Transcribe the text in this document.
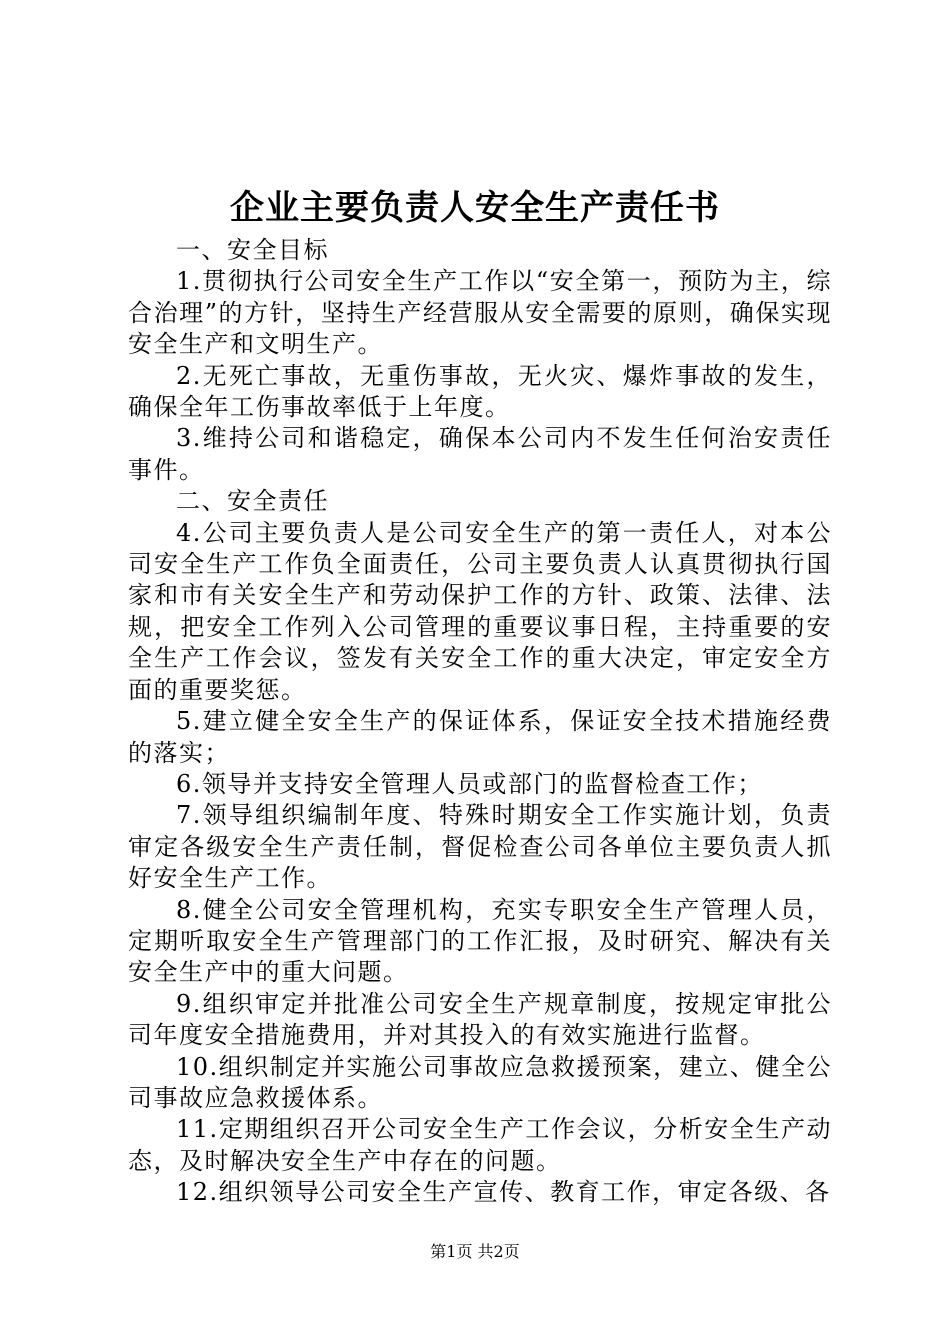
企业主要负责人安全生产责任书

一、安全目标

1.贯彻执行公司安全生产工作以“安全第一，预防为主，综合治理”的方针，坚持生产经营服从安全需要的原则，确保实现安全生产和文明生产。

2.无死亡事故，无重伤事故，无火灾、爆炸事故的发生，确保全年工伤事故率低于上年度。

3.维持公司和谐稳定，确保本公司内不发生任何治安责任事件。

二、安全责任

4.公司主要负责人是公司安全生产的第一责任人，对本公司安全生产工作负全面责任，公司主要负责人认真贯彻执行国家和市有关安全生产和劳动保护工作的方针、政策、法律、法规，把安全工作列入公司管理的重要议事日程，主持重要的安全生产工作会议，签发有关安全工作的重大决定，审定安全方面的重要奖惩。

5.建立健全安全生产的保证体系，保证安全技术措施经费的落实；

6.领导并支持安全管理人员或部门的监督检查工作；

7.领导组织编制年度、特殊时期安全工作实施计划，负责审定各级安全生产责任制，督促检查公司各单位主要负责人抓好安全生产工作。

8.健全公司安全管理机构，充实专职安全生产管理人员，定期听取安全生产管理部门的工作汇报，及时研究、解决有关安全生产中的重大问题。

9.组织审定并批准公司安全生产规章制度，按规定审批公司年度安全措施费用，并对其投入的有效实施进行监督。

10.组织制定并实施公司事故应急救援预案，建立、健全公司事故应急救援体系。

11.定期组织召开公司安全生产工作会议，分析安全生产动态，及时解决安全生产中存在的问题。

12.组织领导公司安全生产宣传、教育工作，审定各级、各

第1页 共2页
